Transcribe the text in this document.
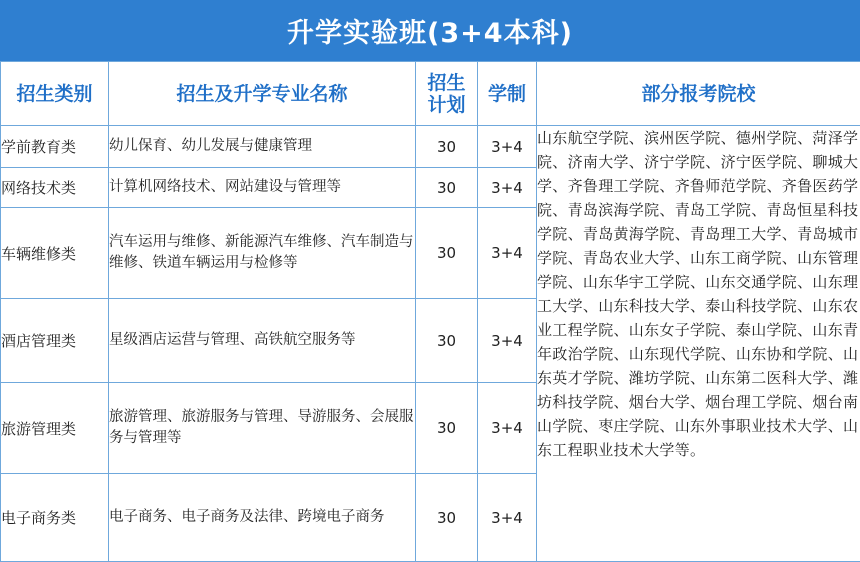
升学实验班(3+4本科)
招生类别	招生及升学专业名称	招生计划	学制	部分报考院校
学前教育类	幼儿保育、幼儿发展与健康管理	30	3+4	山东航空学院、滨州医学院、德州学院、菏泽学院、济南大学、济宁学院、济宁医学院、聊城大学、齐鲁理工学院、齐鲁师范学院、齐鲁医药学院、青岛滨海学院、青岛工学院、青岛恒星科技学院、青岛黄海学院、青岛理工大学、青岛城市学院、青岛农业大学、山东工商学院、山东管理学院、山东华宇工学院、山东交通学院、山东理工大学、山东科技大学、泰山科技学院、山东农业工程学院、山东女子学院、泰山学院、山东青年政治学院、山东现代学院、山东协和学院、山东英才学院、潍坊学院、山东第二医科大学、潍坊科技学院、烟台大学、烟台理工学院、烟台南山学院、枣庄学院、山东外事职业技术大学、山东工程职业技术大学等。
网络技术类	计算机网络技术、网站建设与管理等	30	3+4	
车辆维修类	汽车运用与维修、新能源汽车维修、汽车制造与维修、铁道车辆运用与检修等	30	3+4	
酒店管理类	星级酒店运营与管理、高铁航空服务等	30	3+4	
旅游管理类	旅游管理、旅游服务与管理、导游服务、会展服务与管理等	30	3+4	
电子商务类	电子商务、电子商务及法律、跨境电子商务	30	3+4	
